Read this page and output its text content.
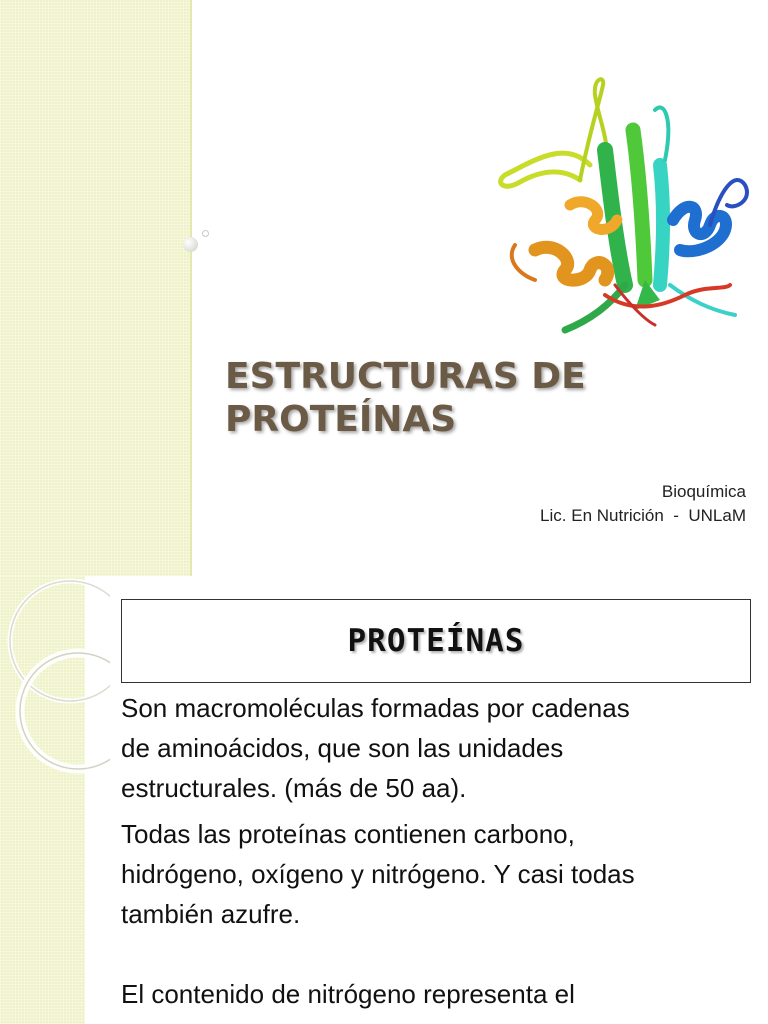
ESTRUCTURAS DE
PROTEÍNAS
Bioquímica
Lic. En Nutrición  -  UNLaM
PROTEÍNAS

Son macromoléculas formadas por cadenas
de aminoácidos, que son las unidades
estructurales. (más de 50 aa).

Todas las proteínas contienen carbono,
hidrógeno, oxígeno y nitrógeno. Y casi todas
también azufre.

El contenido de nitrógeno representa el
